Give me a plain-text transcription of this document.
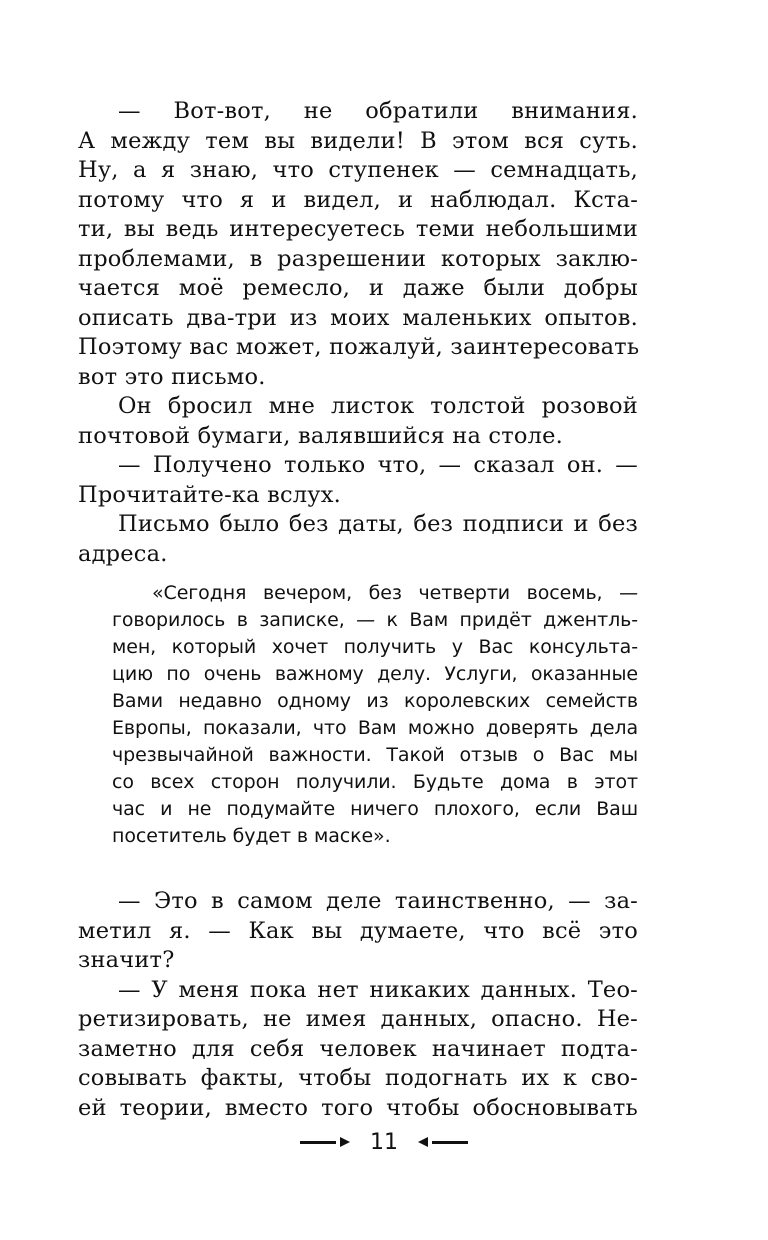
— Вот-вот, не обратили внимания.
А между тем вы видели! В этом вся суть.
Ну, а я знаю, что ступенек — семнадцать,
потому что я и видел, и наблюдал. Кста-
ти, вы ведь интересуетесь теми небольшими
проблемами, в разрешении которых заклю-
чается моё ремесло, и даже были добры
описать два-три из моих маленьких опытов.
Поэтому вас может, пожалуй, заинтересовать
вот это письмо.
Он бросил мне листок толстой розовой
почтовой бумаги, валявшийся на столе.
— Получено только что, — сказал он. —
Прочитайте-ка вслух.
Письмо было без даты, без подписи и без
адреса.
«Сегодня вечером, без четверти восемь, —
говорилось в записке, — к Вам придёт джентль-
мен, который хочет получить у Вас консульта-
цию по очень важному делу. Услуги, оказанные
Вами недавно одному из королевских семейств
Европы, показали, что Вам можно доверять дела
чрезвычайной важности. Такой отзыв о Вас мы
со всех сторон получили. Будьте дома в этот
час и не подумайте ничего плохого, если Ваш
посетитель будет в маске».
— Это в самом деле таинственно, — за-
метил я. — Как вы думаете, что всё это
значит?
— У меня пока нет никаких данных. Тео-
ретизировать, не имея данных, опасно. Не-
заметно для себя человек начинает подта-
совывать факты, чтобы подогнать их к сво-
ей теории, вместо того чтобы обосновывать
11
